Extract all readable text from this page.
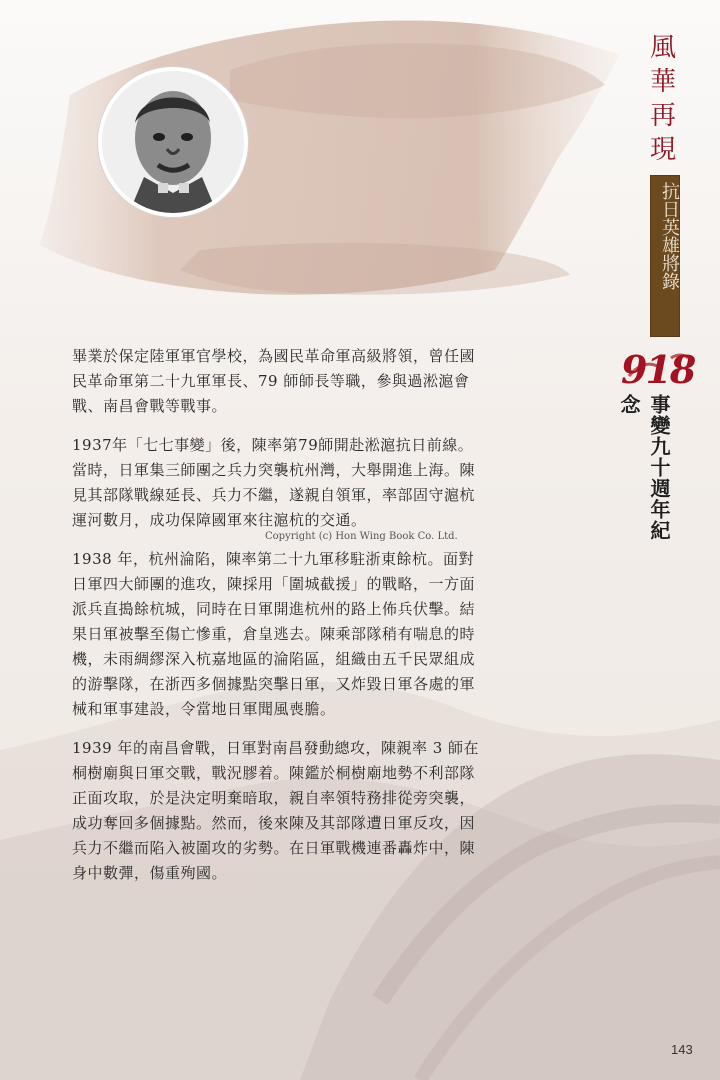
風
華
再
現
抗日英雄將錄
918
事變九十週年紀念

畢業於保定陸軍軍官學校，為國民革命軍高級將領，曾任國民革命軍第二十九軍軍長、79 師師長等職，參與過淞滬會戰、南昌會戰等戰事。

1937年「七七事變」後，陳率第79師開赴淞滬抗日前線。當時，日軍集三師團之兵力突襲杭州灣，大舉開進上海。陳見其部隊戰線延長、兵力不繼，遂親自領軍，率部固守滬杭運河數月，成功保障國軍來往滬杭的交通。

1938 年，杭州淪陷，陳率第二十九軍移駐浙東餘杭。面對日軍四大師團的進攻，陳採用「圍城截援」的戰略，一方面派兵直搗餘杭城，同時在日軍開進杭州的路上佈兵伏擊。結果日軍被擊至傷亡慘重，倉皇逃去。陳乘部隊稍有喘息的時機，未雨綢繆深入杭嘉地區的淪陷區，組織由五千民眾組成的游擊隊，在浙西多個據點突擊日軍，又炸毀日軍各處的軍械和軍事建設，令當地日軍聞風喪膽。

1939 年的南昌會戰，日軍對南昌發動總攻，陳親率 3 師在桐樹廟與日軍交戰，戰況膠着。陳鑑於桐樹廟地勢不利部隊正面攻取，於是決定明棄暗取，親自率領特務排從旁突襲，成功奪回多個據點。然而，後來陳及其部隊遭日軍反攻，因兵力不繼而陷入被圍攻的劣勢。在日軍戰機連番轟炸中，陳身中數彈，傷重殉國。

Copyright (c) Hon Wing Book Co. Ltd.
143
